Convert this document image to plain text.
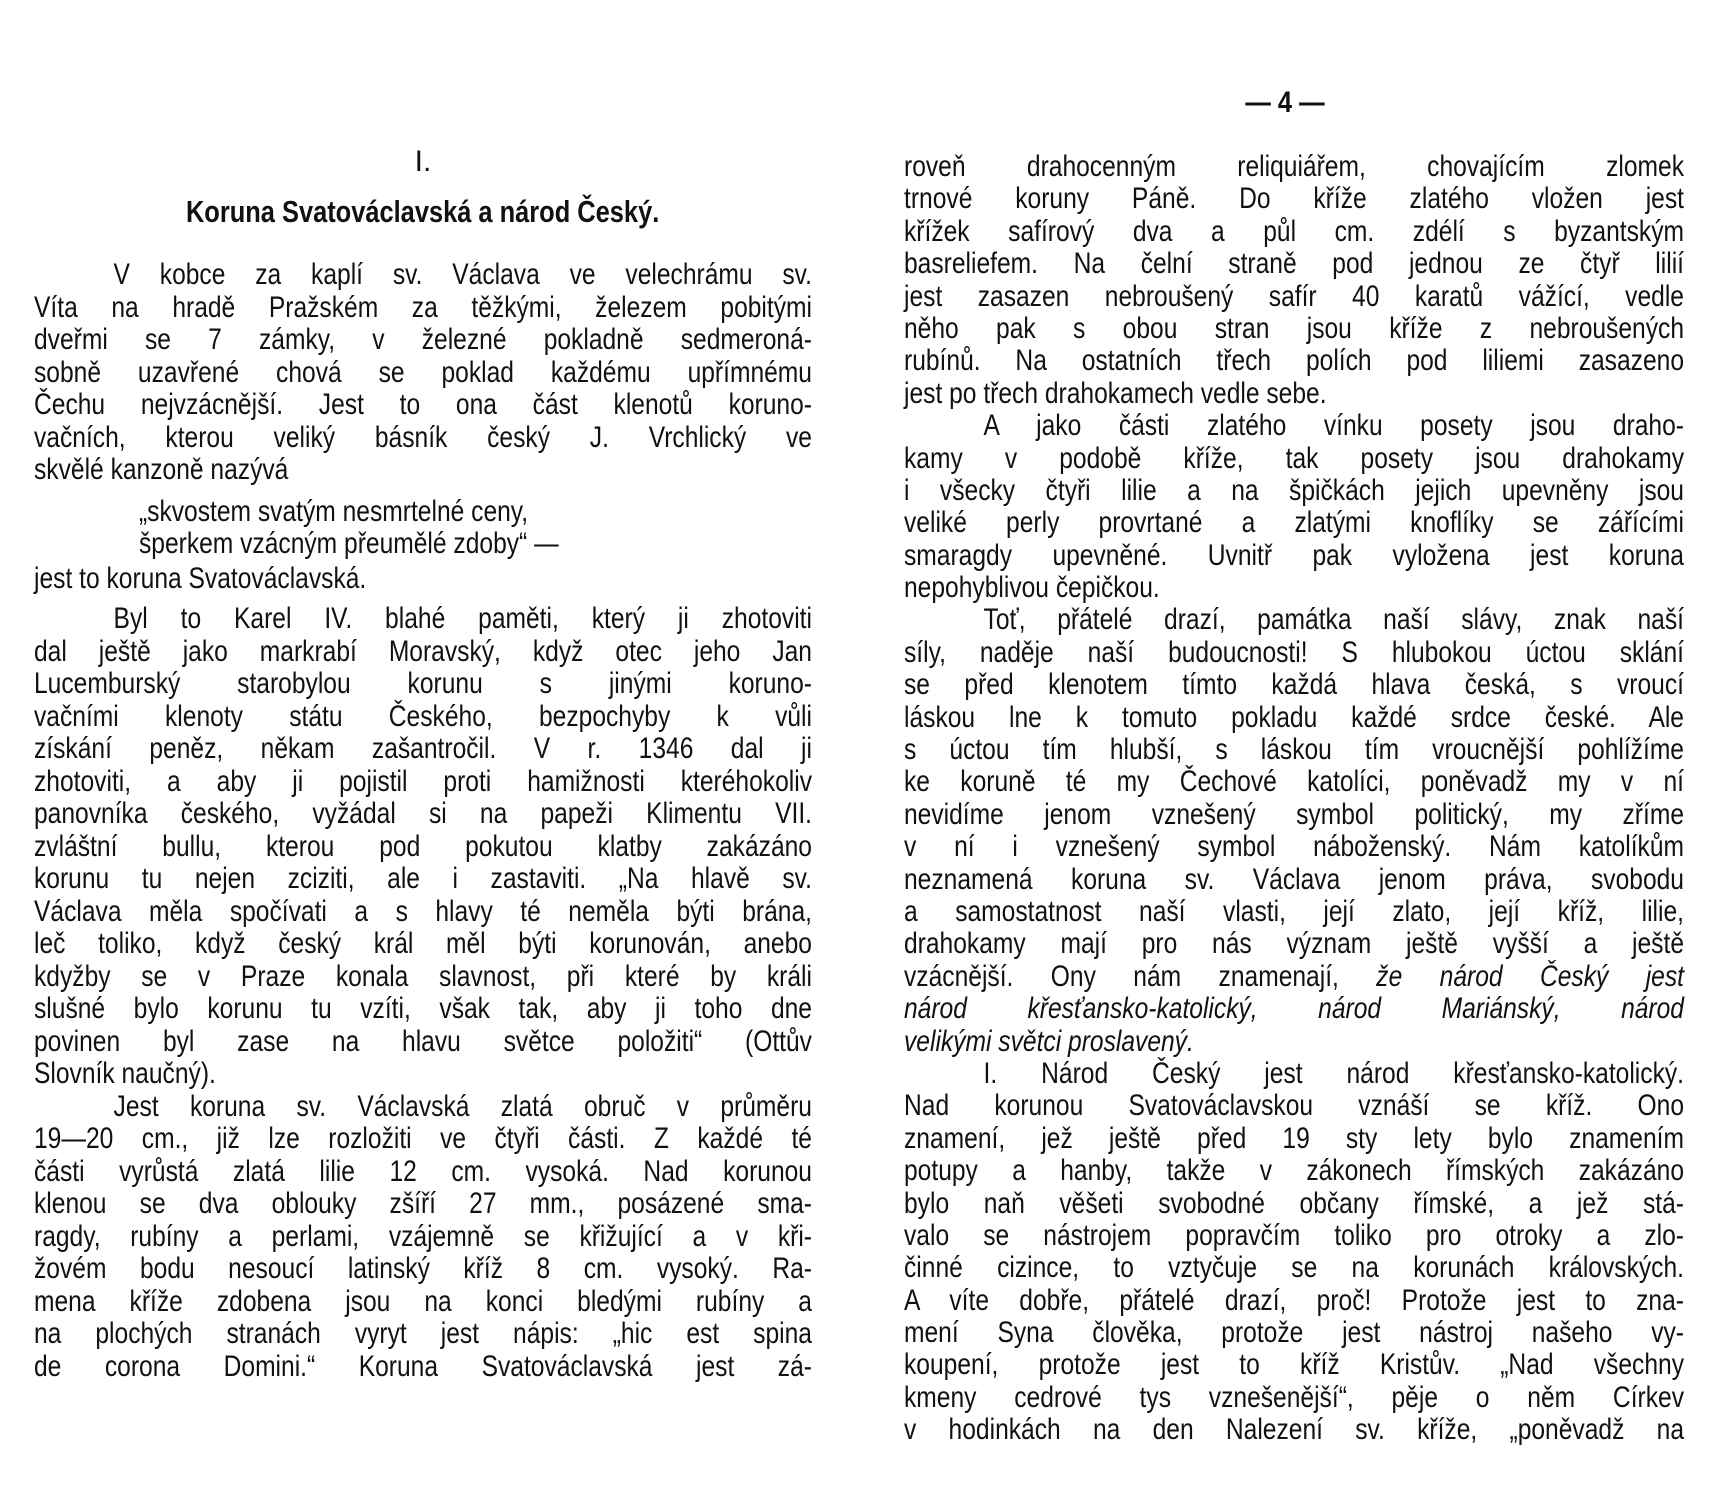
— 4 —
I.
Koruna Svatováclavská a národ Český.
V kobce za kaplí sv. Václava ve velechrámu sv.
Víta na hradě Pražském za těžkými, železem pobitými
dveřmi se 7 zámky, v železné pokladně sedmeroná-
sobně uzavřené chová se poklad každému upřímnému
Čechu nejvzácnější. Jest to ona část klenotů koruno-
vačních, kterou veliký básník český J. Vrchlický ve
skvělé kanzoně nazývá
„skvostem svatým nesmrtelné ceny,
šperkem vzácným přeumělé zdoby“ —
jest to koruna Svatováclavská.
Byl to Karel IV. blahé paměti, který ji zhotoviti
dal ještě jako markrabí Moravský, když otec jeho Jan
Lucemburský starobylou korunu s jinými koruno-
vačními klenoty státu Českého, bezpochyby k vůli
získání peněz, někam zašantročil. V r. 1346 dal ji
zhotoviti, a aby ji pojistil proti hamižnosti kteréhokoliv
panovníka českého, vyžádal si na papeži Klimentu VII.
zvláštní bullu, kterou pod pokutou klatby zakázáno
korunu tu nejen zciziti, ale i zastaviti. „Na hlavě sv.
Václava měla spočívati a s hlavy té neměla býti brána,
leč toliko, když český král měl býti korunován, anebo
kdyžby se v Praze konala slavnost, při které by králi
slušné bylo korunu tu vzíti, však tak, aby ji toho dne
povinen byl zase na hlavu světce položiti“ (Ottův
Slovník naučný).
Jest koruna sv. Václavská zlatá obruč v průměru
19—20 cm., již lze rozložiti ve čtyři části. Z každé té
části vyrůstá zlatá lilie 12 cm. vysoká. Nad korunou
klenou se dva oblouky zšíří 27 mm., posázené sma-
ragdy, rubíny a perlami, vzájemně se křižující a v kři-
žovém bodu nesoucí latinský kříž 8 cm. vysoký. Ra-
mena kříže zdobena jsou na konci bledými rubíny a
na plochých stranách vyryt jest nápis: „hic est spina
de corona Domini.“ Koruna Svatováclavská jest zá-
roveň drahocenným reliquiářem, chovajícím zlomek
trnové koruny Páně. Do kříže zlatého vložen jest
křížek safírový dva a půl cm. zdélí s byzantským
basreliefem. Na čelní straně pod jednou ze čtyř lilií
jest zasazen nebroušený safír 40 karatů vážící, vedle
něho pak s obou stran jsou kříže z nebroušených
rubínů. Na ostatních třech polích pod liliemi zasazeno
jest po třech drahokamech vedle sebe.
A jako části zlatého vínku posety jsou draho-
kamy v podobě kříže, tak posety jsou drahokamy
i všecky čtyři lilie a na špičkách jejich upevněny jsou
veliké perly provrtané a zlatými knoflíky se zářícími
smaragdy upevněné. Uvnitř pak vyložena jest koruna
nepohyblivou čepičkou.
Toť, přátelé drazí, památka naší slávy, znak naší
síly, naděje naší budoucnosti! S hlubokou úctou sklání
se před klenotem tímto každá hlava česká, s vroucí
láskou lne k tomuto pokladu každé srdce české. Ale
s úctou tím hlubší, s láskou tím vroucnější pohlížíme
ke koruně té my Čechové katolíci, poněvadž my v ní
nevidíme jenom vznešený symbol politický, my zříme
v ní i vznešený symbol náboženský. Nám katolíkům
neznamená koruna sv. Václava jenom práva, svobodu
a samostatnost naší vlasti, její zlato, její kříž, lilie,
drahokamy mají pro nás význam ještě vyšší a ještě
vzácnější. Ony nám znamenají, že národ Český jest
národ křesťansko-katolický, národ Mariánský, národ
velikými světci proslavený.
I. Národ Český jest národ křesťansko-katolický.
Nad korunou Svatováclavskou vznáší se kříž. Ono
znamení, jež ještě před 19 sty lety bylo znamením
potupy a hanby, takže v zákonech římských zakázáno
bylo naň věšeti svobodné občany římské, a jež stá-
valo se nástrojem popravčím toliko pro otroky a zlo-
činné cizince, to vztyčuje se na korunách královských.
A víte dobře, přátelé drazí, proč! Protože jest to zna-
mení Syna člověka, protože jest nástroj našeho vy-
koupení, protože jest to kříž Kristův. „Nad všechny
kmeny cedrové tys vznešenější“, pěje o něm Církev
v hodinkách na den Nalezení sv. kříže, „poněvadž na
